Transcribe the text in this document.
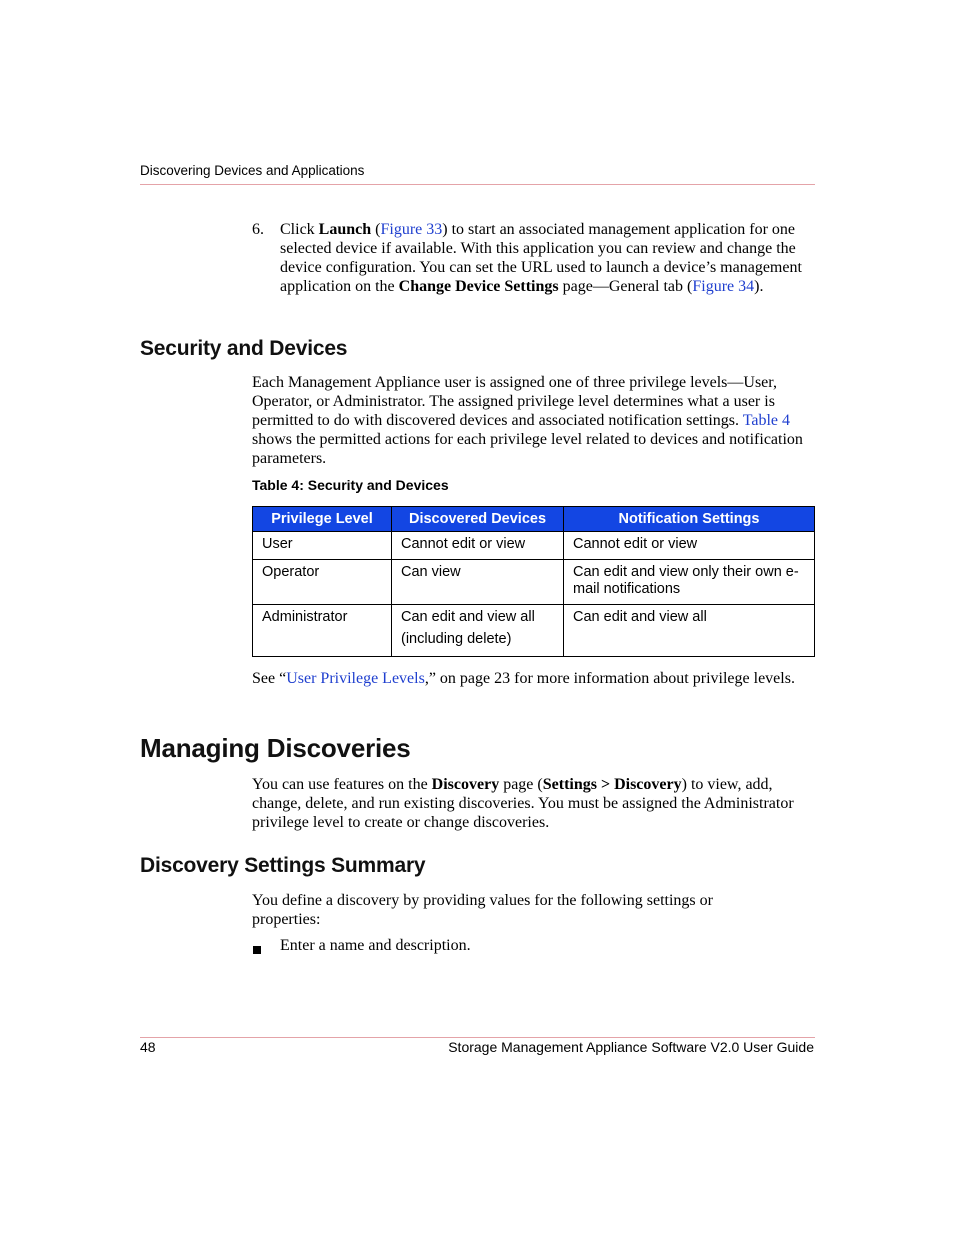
Discovering Devices and Applications
6. Click Launch (Figure 33) to start an associated management application for one selected device if available. With this application you can review and change the device configuration. You can set the URL used to launch a device’s management application on the Change Device Settings page—General tab (Figure 34).
Security and Devices
Each Management Appliance user is assigned one of three privilege levels—User, Operator, or Administrator. The assigned privilege level determines what a user is permitted to do with discovered devices and associated notification settings. Table 4 shows the permitted actions for each privilege level related to devices and notification parameters.
Table 4: Security and Devices
Privilege Level	Discovered Devices	Notification Settings
User	Cannot edit or view	Cannot edit or view
Operator	Can view	Can edit and view only their own e-mail notifications
Administrator	Can edit and view all (including delete)	Can edit and view all
See “User Privilege Levels,” on page 23 for more information about privilege levels.
Managing Discoveries
You can use features on the Discovery page (Settings > Discovery) to view, add, change, delete, and run existing discoveries. You must be assigned the Administrator privilege level to create or change discoveries.
Discovery Settings Summary
You define a discovery by providing values for the following settings or properties:
Enter a name and description.
48	Storage Management Appliance Software V2.0 User Guide
